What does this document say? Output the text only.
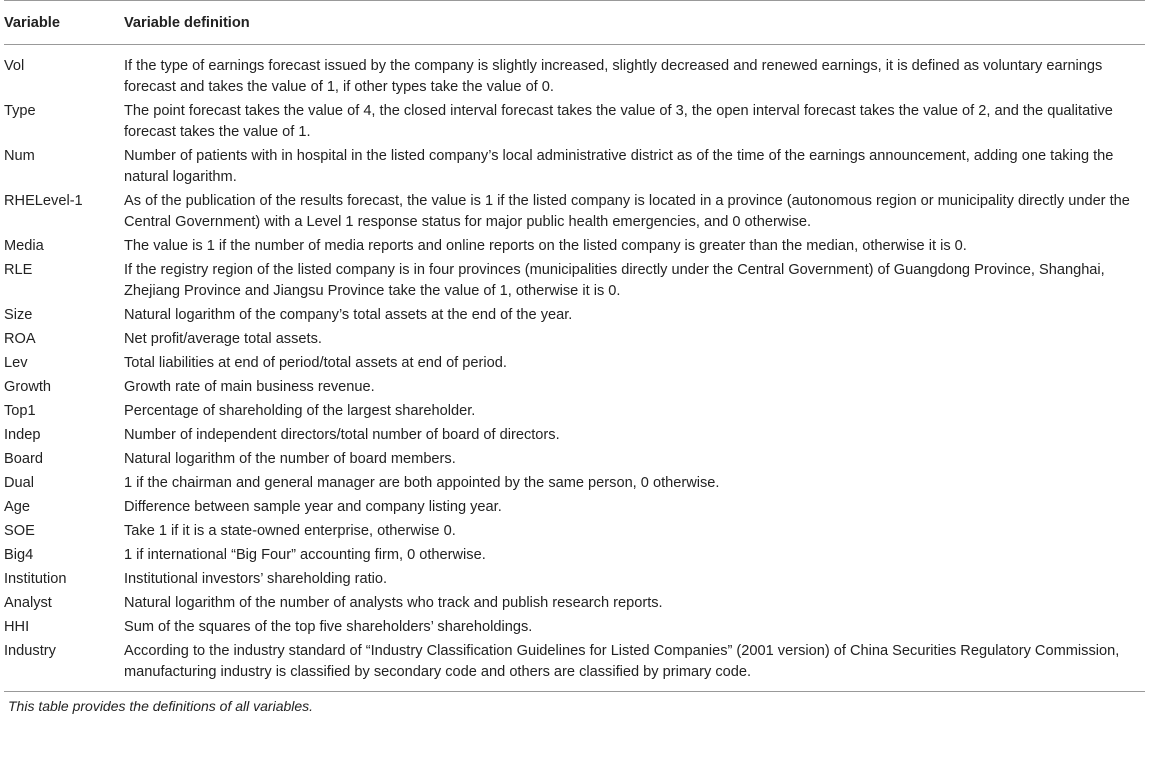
Variable	Variable definition
Vol	If the type of earnings forecast issued by the company is slightly increased, slightly decreased and renewed earnings, it is defined as voluntary earnings forecast and takes the value of 1, if other types take the value of 0.
Type	The point forecast takes the value of 4, the closed interval forecast takes the value of 3, the open interval forecast takes the value of 2, and the qualitative forecast takes the value of 1.
Num	Number of patients with in hospital in the listed company’s local administrative district as of the time of the earnings announcement, adding one taking the natural logarithm.
RHELevel-1	As of the publication of the results forecast, the value is 1 if the listed company is located in a province (autonomous region or municipality directly under the Central Government) with a Level 1 response status for major public health emergencies, and 0 otherwise.
Media	The value is 1 if the number of media reports and online reports on the listed company is greater than the median, otherwise it is 0.
RLE	If the registry region of the listed company is in four provinces (municipalities directly under the Central Government) of Guangdong Province, Shanghai, Zhejiang Province and Jiangsu Province take the value of 1, otherwise it is 0.
Size	Natural logarithm of the company’s total assets at the end of the year.
ROA	Net profit/average total assets.
Lev	Total liabilities at end of period/total assets at end of period.
Growth	Growth rate of main business revenue.
Top1	Percentage of shareholding of the largest shareholder.
Indep	Number of independent directors/total number of board of directors.
Board	Natural logarithm of the number of board members.
Dual	1 if the chairman and general manager are both appointed by the same person, 0 otherwise.
Age	Difference between sample year and company listing year.
SOE	Take 1 if it is a state-owned enterprise, otherwise 0.
Big4	1 if international “Big Four” accounting firm, 0 otherwise.
Institution	Institutional investors’ shareholding ratio.
Analyst	Natural logarithm of the number of analysts who track and publish research reports.
HHI	Sum of the squares of the top five shareholders’ shareholdings.
Industry	According to the industry standard of “Industry Classification Guidelines for Listed Companies” (2001 version) of China Securities Regulatory Commission, manufacturing industry is classified by secondary code and others are classified by primary code.
This table provides the definitions of all variables.
